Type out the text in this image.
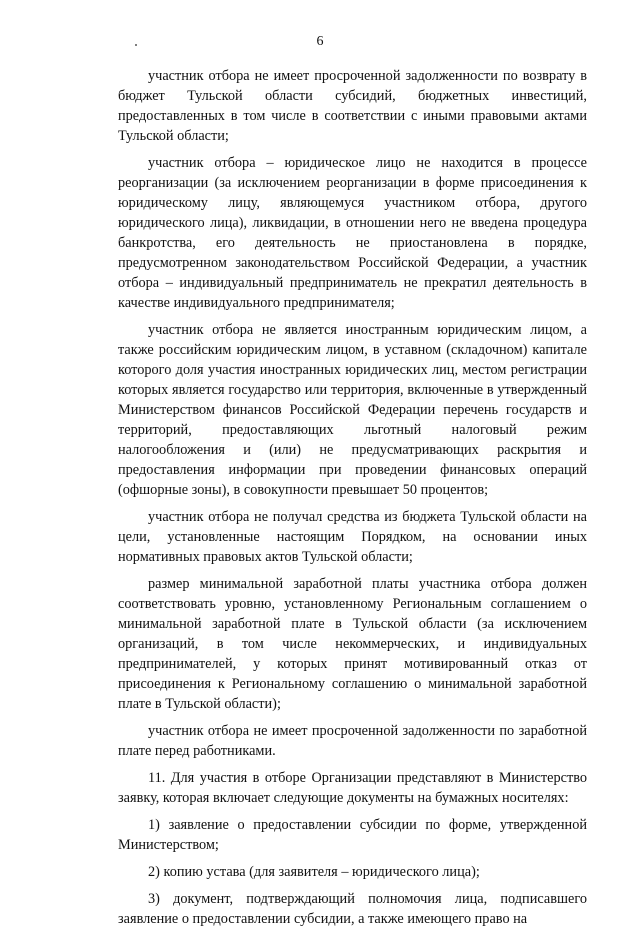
6

участник отбора не имеет просроченной задолженности по возврату в бюджет Тульской области субсидий, бюджетных инвестиций, предоставленных в том числе в соответствии с иными правовыми актами Тульской области;

участник отбора – юридическое лицо не находится в процессе реорганизации (за исключением реорганизации в форме присоединения к юридическому лицу, являющемуся участником отбора, другого юридического лица), ликвидации, в отношении него не введена процедура банкротства, его деятельность не приостановлена в порядке, предусмотренном законодательством Российской Федерации, а участник отбора – индивидуальный предприниматель не прекратил деятельность в качестве индивидуального предпринимателя;

участник отбора не является иностранным юридическим лицом, а также российским юридическим лицом, в уставном (складочном) капитале которого доля участия иностранных юридических лиц, местом регистрации которых является государство или территория, включенные в утвержденный Министерством финансов Российской Федерации перечень государств и территорий, предоставляющих льготный налоговый режим налогообложения и (или) не предусматривающих раскрытия и предоставления информации при проведении финансовых операций (офшорные зоны), в совокупности превышает 50 процентов;

участник отбора не получал средства из бюджета Тульской области на цели, установленные настоящим Порядком, на основании иных нормативных правовых актов Тульской области;

размер минимальной заработной платы участника отбора должен соответствовать уровню, установленному Региональным соглашением о минимальной заработной плате в Тульской области (за исключением организаций, в том числе некоммерческих, и индивидуальных предпринимателей, у которых принят мотивированный отказ от присоединения к Региональному соглашению о минимальной заработной плате в Тульской области);

участник отбора не имеет просроченной задолженности по заработной плате перед работниками.

11. Для участия в отборе Организации представляют в Министерство заявку, которая включает следующие документы на бумажных носителях:

1) заявление о предоставлении субсидии по форме, утвержденной Министерством;

2) копию устава (для заявителя – юридического лица);

3) документ, подтверждающий полномочия лица, подписавшего заявление о предоставлении субсидии, а также имеющего право на
